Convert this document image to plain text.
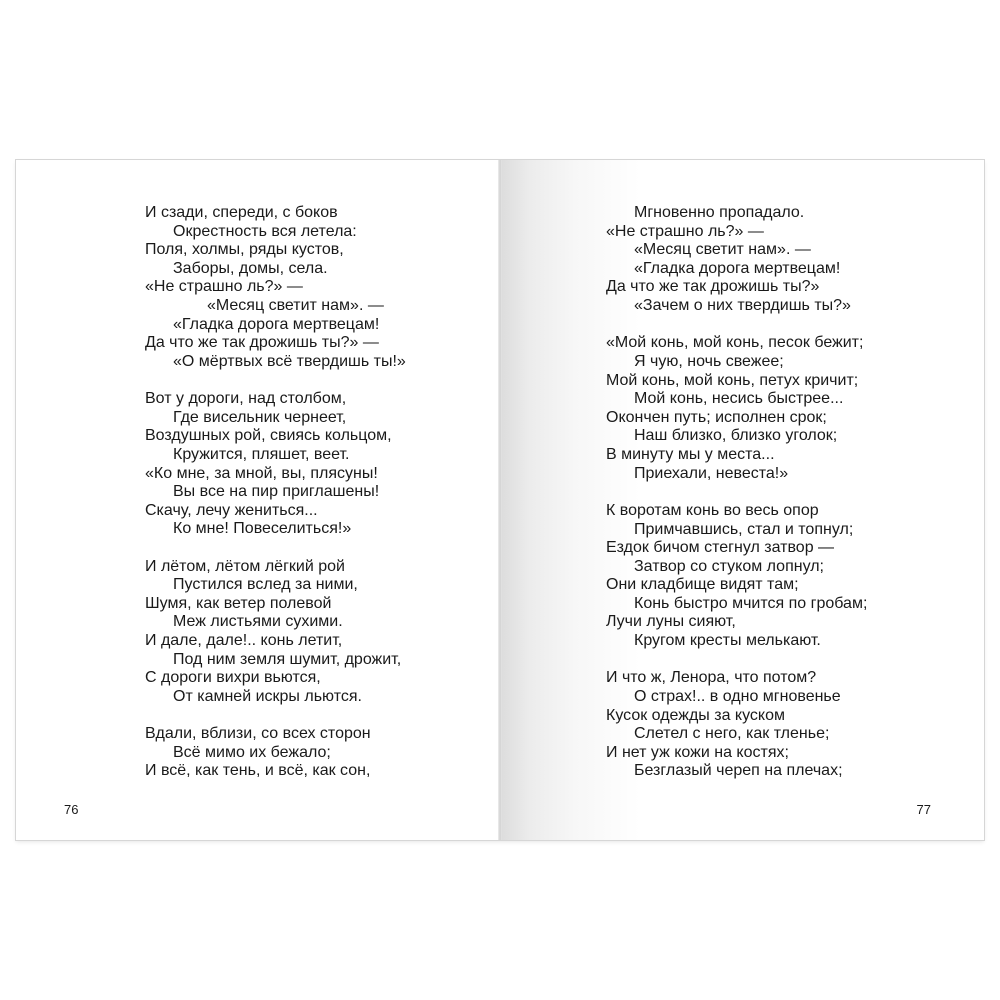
И сзади, спереди, с боков
Окрестность вся летела:
Поля, холмы, ряды кустов,
Заборы, домы, села.
«Не страшно ль?» —
«Месяц светит нам». —
«Гладка дорога мертвецам!
Да что же так дрожишь ты?» —
«О мёртвых всё твердишь ты!»
Вот у дороги, над столбом,
Где висельник чернеет,
Воздушных рой, свиясь кольцом,
Кружится, пляшет, веет.
«Ко мне, за мной, вы, плясуны!
Вы все на пир приглашены!
Скачу, лечу жениться...
Ко мне! Повеселиться!»
И лётом, лётом лёгкий рой
Пустился вслед за ними,
Шумя, как ветер полевой
Меж листьями сухими.
И дале, дале!.. конь летит,
Под ним земля шумит, дрожит,
С дороги вихри вьются,
От камней искры льются.
Вдали, вблизи, со всех сторон
Всё мимо их бежало;
И всё, как тень, и всё, как сон,
76
Мгновенно пропадало.
«Не страшно ль?» —
«Месяц светит нам». —
«Гладка дорога мертвецам!
Да что же так дрожишь ты?»
«Зачем о них твердишь ты?»
«Мой конь, мой конь, песок бежит;
Я чую, ночь свежее;
Мой конь, мой конь, петух кричит;
Мой конь, несись быстрее...
Окончен путь; исполнен срок;
Наш близко, близко уголок;
В минуту мы у места...
Приехали, невеста!»
К воротам конь во весь опор
Примчавшись, стал и топнул;
Ездок бичом стегнул затвор —
Затвор со стуком лопнул;
Они кладбище видят там;
Конь быстро мчится по гробам;
Лучи луны сияют,
Кругом кресты мелькают.
И что ж, Ленора, что потом?
О страх!.. в одно мгновенье
Кусок одежды за куском
Слетел с него, как тленье;
И нет уж кожи на костях;
Безглазый череп на плечах;
77
